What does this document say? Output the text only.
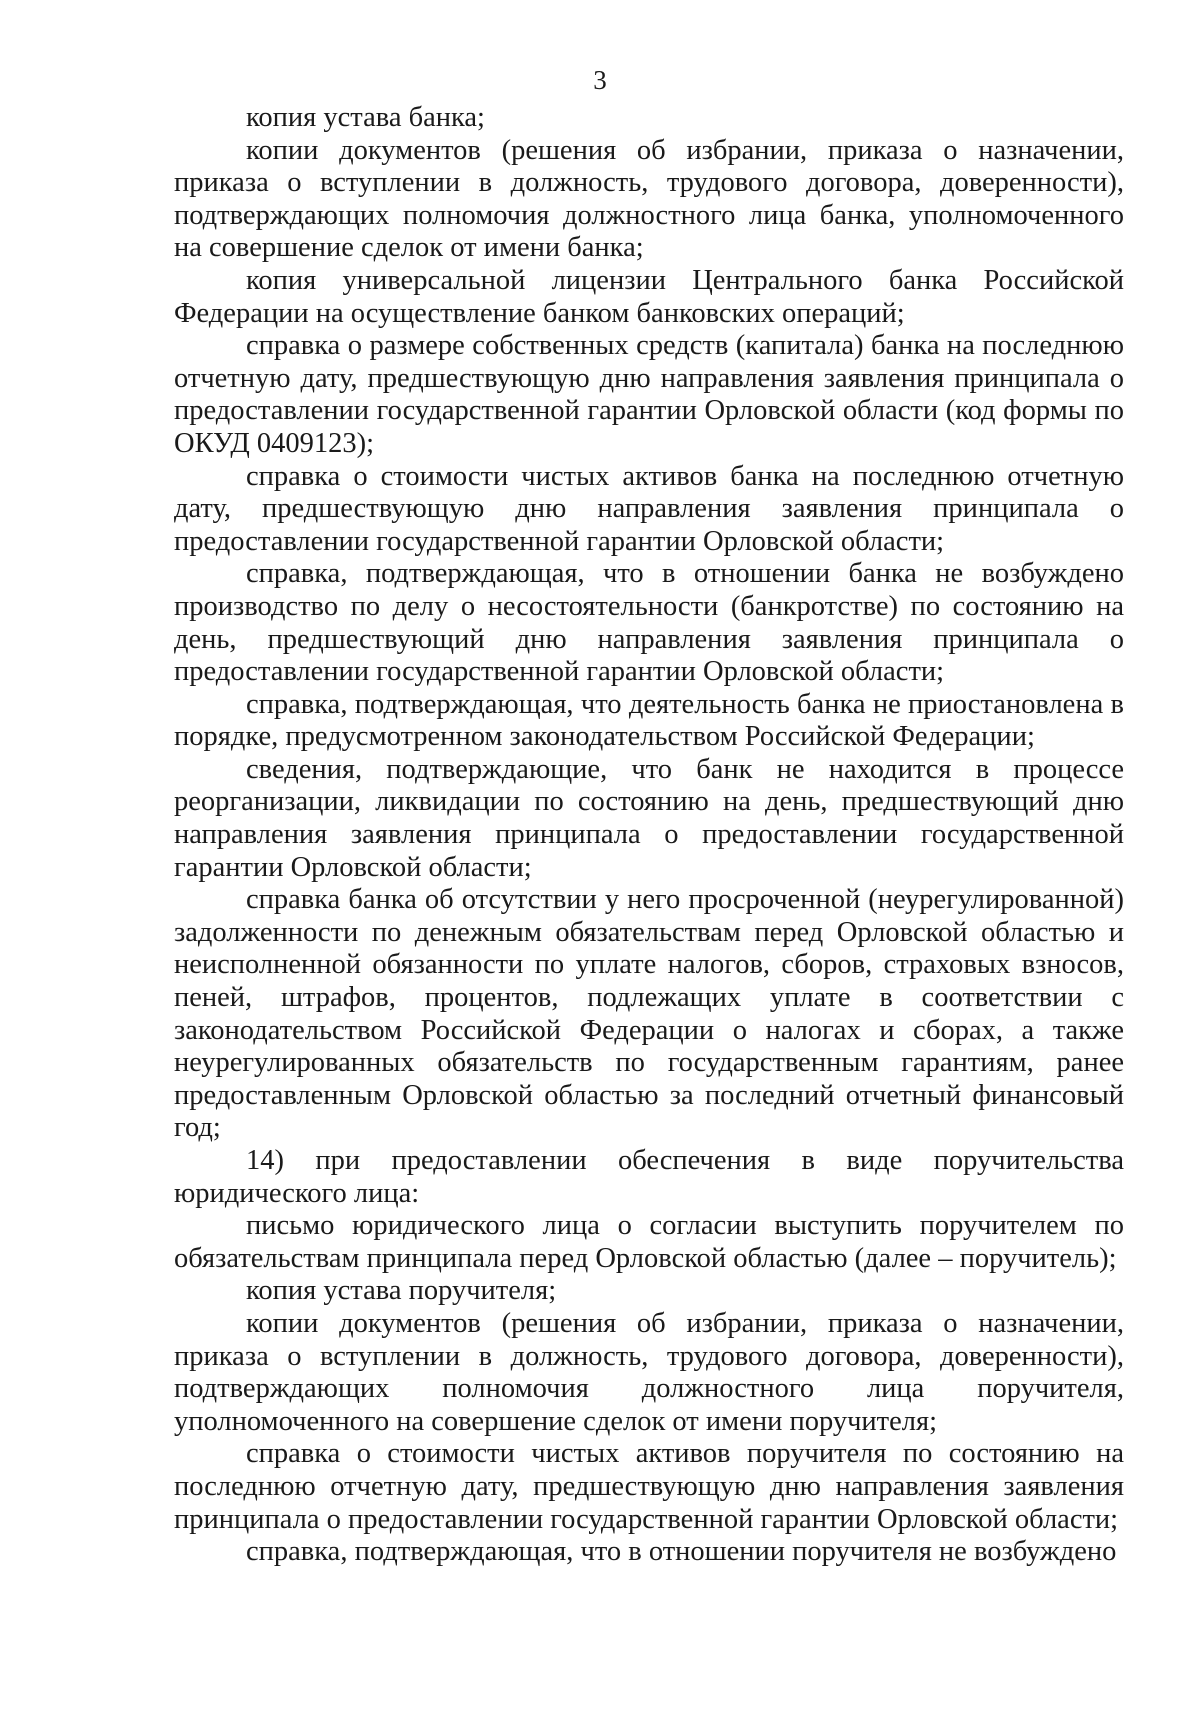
3

копия устава банка;

копии документов (решения об избрании, приказа о назначении, приказа о вступлении в должность, трудового договора, доверенности), подтверждающих полномочия должностного лица банка, уполномоченного на совершение сделок от имени банка;

копия универсальной лицензии Центрального банка Российской Федерации на осуществление банком банковских операций;

справка о размере собственных средств (капитала) банка на последнюю отчетную дату, предшествующую дню направления заявления принципала о предоставлении государственной гарантии Орловской области (код формы по ОКУД 0409123);

справка о стоимости чистых активов банка на последнюю отчетную дату, предшествующую дню направления заявления принципала о предоставлении государственной гарантии Орловской области;

справка, подтверждающая, что в отношении банка не возбуждено производство по делу о несостоятельности (банкротстве) по состоянию на день, предшествующий дню направления заявления принципала о предоставлении государственной гарантии Орловской области;

справка, подтверждающая, что деятельность банка не приостановлена в порядке, предусмотренном законодательством Российской Федерации;

сведения, подтверждающие, что банк не находится в процессе реорганизации, ликвидации по состоянию на день, предшествующий дню направления заявления принципала о предоставлении государственной гарантии Орловской области;

справка банка об отсутствии у него просроченной (неурегулированной) задолженности по денежным обязательствам перед Орловской областью и неисполненной обязанности по уплате налогов, сборов, страховых взносов, пеней, штрафов, процентов, подлежащих уплате в соответствии с законодательством Российской Федерации о налогах и сборах, а также неурегулированных обязательств по государственным гарантиям, ранее предоставленным Орловской областью за последний отчетный финансовый год;

14) при предоставлении обеспечения в виде поручительства юридического лица:

письмо юридического лица о согласии выступить поручителем по обязательствам принципала перед Орловской областью (далее – поручитель);

копия устава поручителя;

копии документов (решения об избрании, приказа о назначении, приказа о вступлении в должность, трудового договора, доверенности), подтверждающих полномочия должностного лица поручителя, уполномоченного на совершение сделок от имени поручителя;

справка о стоимости чистых активов поручителя по состоянию на последнюю отчетную дату, предшествующую дню направления заявления принципала о предоставлении государственной гарантии Орловской области;

справка, подтверждающая, что в отношении поручителя не возбуждено
